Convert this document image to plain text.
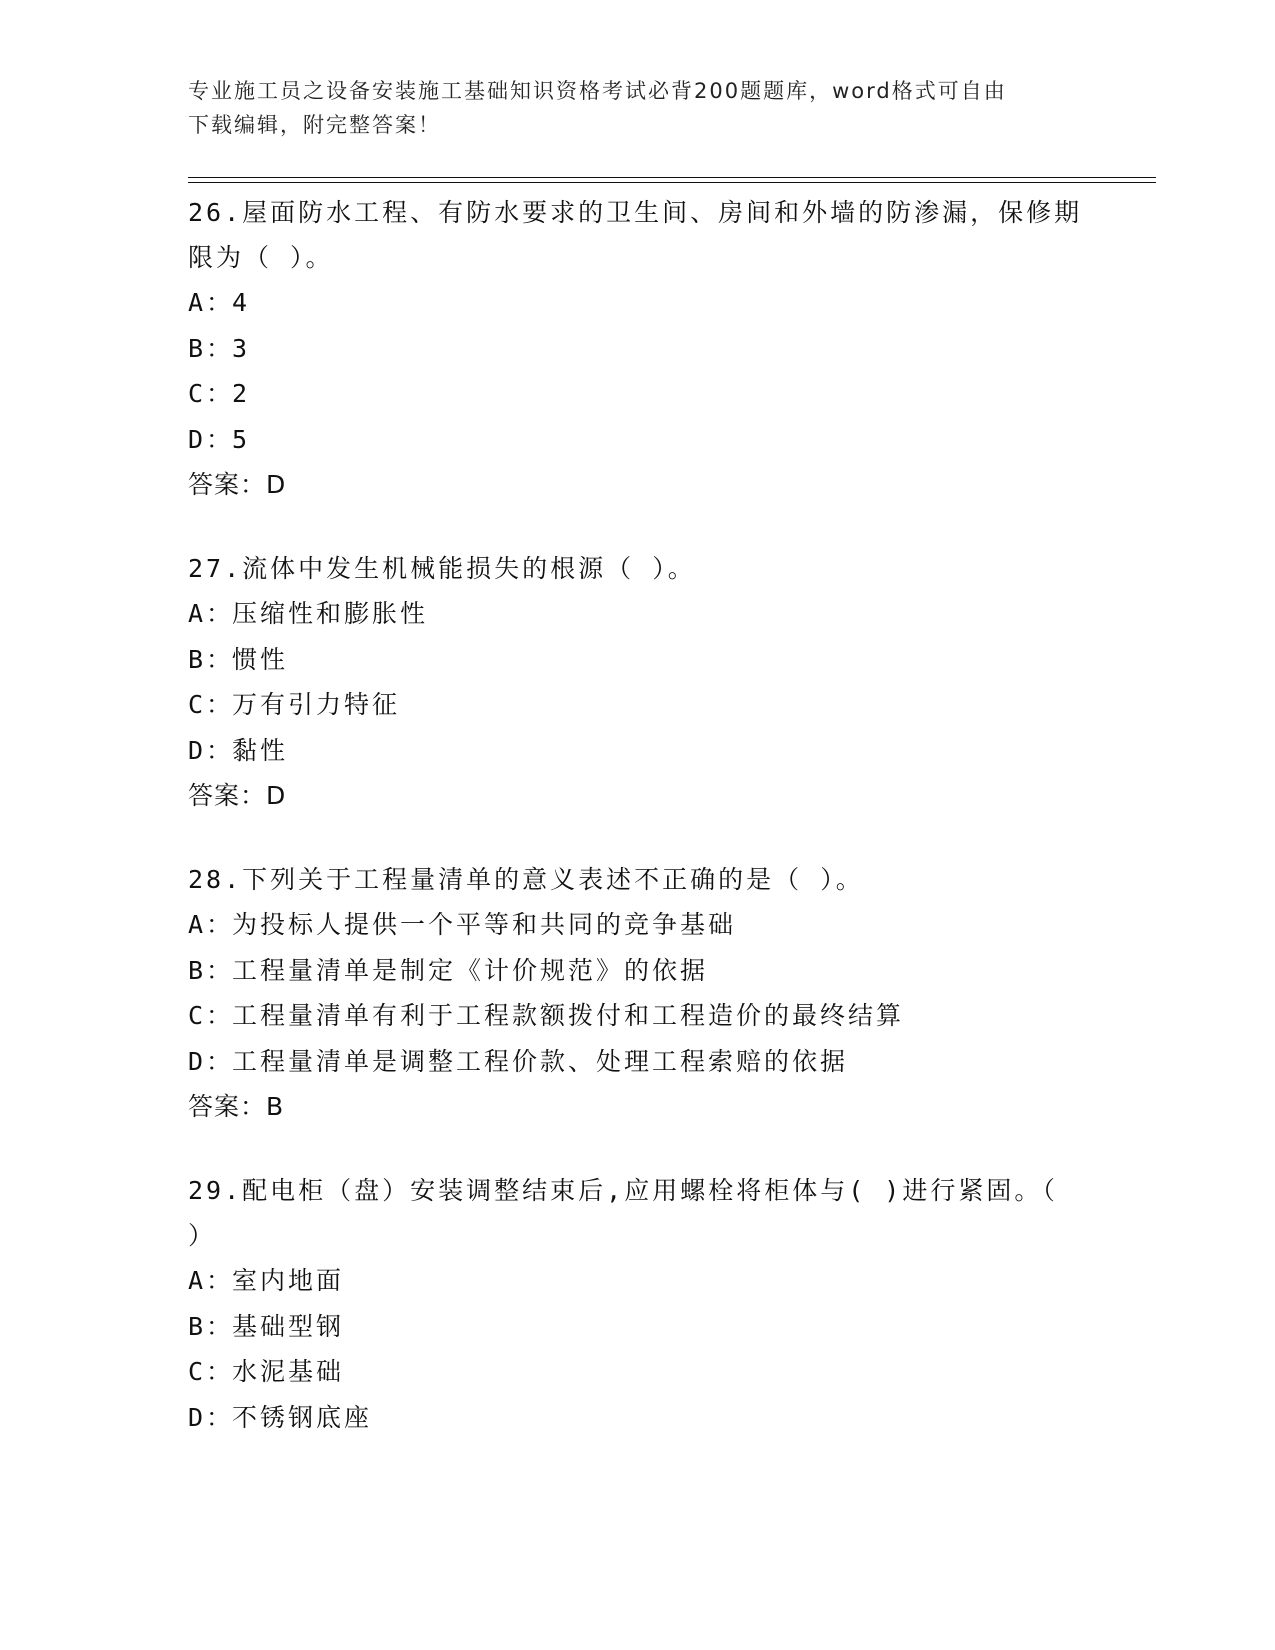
专业施工员之设备安装施工基础知识资格考试必背200题题库，word格式可自由
下载编辑，附完整答案！

26.屋面防水工程、有防水要求的卫生间、房间和外墙的防渗漏，保修期限为（ ）。

A：4

B：3

C：2

D：5

答案：D

27.流体中发生机械能损失的根源（ ）。

A：压缩性和膨胀性

B：惯性

C：万有引力特征

D：黏性

答案：D

28.下列关于工程量清单的意义表述不正确的是（ ）。

A：为投标人提供一个平等和共同的竞争基础

B：工程量清单是制定《计价规范》的依据

C：工程量清单有利于工程款额拨付和工程造价的最终结算

D：工程量清单是调整工程价款、处理工程索赔的依据

答案：B

29.配电柜（盘）安装调整结束后,应用螺栓将柜体与( )进行紧固。（ ）

A：室内地面

B：基础型钢

C：水泥基础

D：不锈钢底座
